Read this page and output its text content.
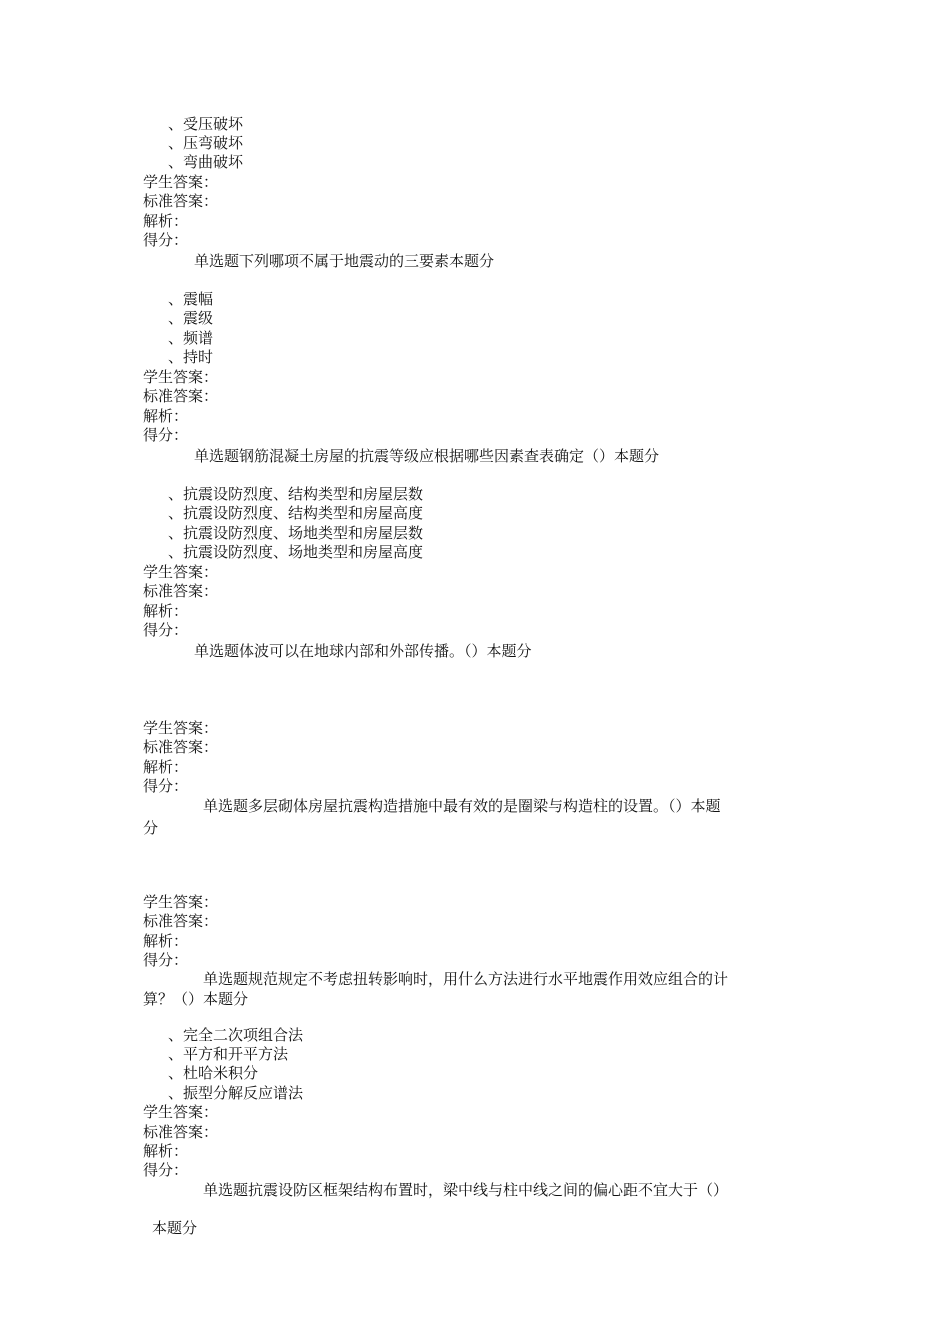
、受压破坏
、压弯破坏
、弯曲破坏
学生答案：
标准答案：
解析：
得分：
单选题下列哪项不属于地震动的三要素本题分
、震幅
、震级
、频谱
、持时
学生答案：
标准答案：
解析：
得分：
单选题钢筋混凝土房屋的抗震等级应根据哪些因素查表确定（）本题分
、抗震设防烈度、结构类型和房屋层数
、抗震设防烈度、结构类型和房屋高度
、抗震设防烈度、场地类型和房屋层数
、抗震设防烈度、场地类型和房屋高度
学生答案：
标准答案：
解析：
得分：
单选题体波可以在地球内部和外部传播。（）本题分
学生答案：
标准答案：
解析：
得分：
单选题多层砌体房屋抗震构造措施中最有效的是圈梁与构造柱的设置。（）本题
分
学生答案：
标准答案：
解析：
得分：
单选题规范规定不考虑扭转影响时，用什么方法进行水平地震作用效应组合的计
算？（）本题分
、完全二次项组合法
、平方和开平方法
、杜哈米积分
、振型分解反应谱法
学生答案：
标准答案：
解析：
得分：
单选题抗震设防区框架结构布置时，梁中线与柱中线之间的偏心距不宜大于（）
本题分
